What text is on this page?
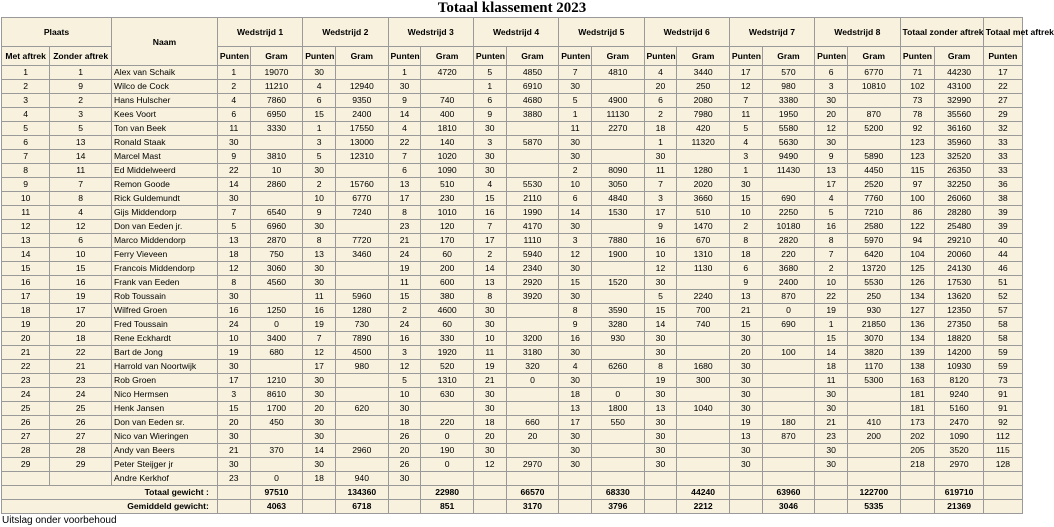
Totaal klassement 2023
Plaats		Naam	Wedstrijd 1		Wedstrijd 2		Wedstrijd 3		Wedstrijd 4		Wedstrijd 5		Wedstrijd 6		Wedstrijd 7		Wedstrijd 8		Totaal zonder aftrek		Totaal met aftrek
Met aftrek	Zonder aftrek																				
			Punten	Gram	Punten	Gram	Punten	Gram	Punten	Gram	Punten	Gram	Punten	Gram	Punten	Gram	Punten	Gram	Punten	Gram	Punten
1	1	Alex van Schaik	1	19070	30		1	4720	5	4850	7	4810	4	3440	17	570	6	6770	71	44230	17
2	9	Wilco de Cock	2	11210	4	12940	30		1	6910	30		20	250	12	980	3	10810	102	43100	22
3	2	Hans Hulscher	4	7860	6	9350	9	740	6	4680	5	4900	6	2080	7	3380	30		73	32990	27
4	3	Kees Voort	6	6950	15	2400	14	400	9	3880	1	11130	2	7980	11	1950	20	870	78	35560	29
5	5	Ton van Beek	11	3330	1	17550	4	1810	30		11	2270	18	420	5	5580	12	5200	92	36160	32
6	13	Ronald Staak	30		3	13000	22	140	3	5870	30		1	11320	4	5630	30		123	35960	33
7	14	Marcel Mast	9	3810	5	12310	7	1020	30		30		30		3	9490	9	5890	123	32520	33
8	11	Ed Middelweerd	22	10	30		6	1090	30		2	8090	11	1280	1	11430	13	4450	115	26350	33
9	7	Remon Goode	14	2860	2	15760	13	510	4	5530	10	3050	7	2020	30		17	2520	97	32250	36
10	8	Rick Guldemundt	30		10	6770	17	230	15	2110	6	4840	3	3660	15	690	4	7760	100	26060	38
11	4	Gijs Middendorp	7	6540	9	7240	8	1010	16	1990	14	1530	17	510	10	2250	5	7210	86	28280	39
12	12	Don van Eeden jr.	5	6960	30		23	120	7	4170	30		9	1470	2	10180	16	2580	122	25480	39
13	6	Marco Middendorp	13	2870	8	7720	21	170	17	1110	3	7880	16	670	8	2820	8	5970	94	29210	40
14	10	Ferry Vieveen	18	750	13	3460	24	60	2	5940	12	1900	10	1310	18	220	7	6420	104	20060	44
15	15	Francois Middendorp	12	3060	30		19	200	14	2340	30		12	1130	6	3680	2	13720	125	24130	46
16	16	Frank van Eeden	8	4560	30		11	600	13	2920	15	1520	30		9	2400	10	5530	126	17530	51
17	19	Rob Toussain	30		11	5960	15	380	8	3920	30		5	2240	13	870	22	250	134	13620	52
18	17	Wilfred Groen	16	1250	16	1280	2	4600	30		8	3590	15	700	21	0	19	930	127	12350	57
19	20	Fred Toussain	24	0	19	730	24	60	30		9	3280	14	740	15	690	1	21850	136	27350	58
20	18	Rene Eckhardt	10	3400	7	7890	16	330	10	3200	16	930	30		30		15	3070	134	18820	58
21	22	Bart de Jong	19	680	12	4500	3	1920	11	3180	30		30		20	100	14	3820	139	14200	59
22	21	Harrold van Noortwijk	30		17	980	12	520	19	320	4	6260	8	1680	30		18	1170	138	10930	59
23	23	Rob Groen	17	1210	30		5	1310	21	0	30		19	300	30		11	5300	163	8120	73
24	24	Nico Hermsen	3	8610	30		10	630	30		18	0	30		30		30		181	9240	91
25	25	Henk Jansen	15	1700	20	620	30		30		13	1800	13	1040	30		30		181	5160	91
26	26	Don van Eeden sr.	20	450	30		18	220	18	660	17	550	30		19	180	21	410	173	2470	92
27	27	Nico van Wieringen	30		30		26	0	20	20	30		30		13	870	23	200	202	1090	112
28	28	Andy van Beers	21	370	14	2960	20	190	30		30		30		30		30		205	3520	115
29	29	Peter Steijger jr	30		30		26	0	12	2970	30		30		30		30		218	2970	128
		Andre Kerkhof	23	0	18	940	30														
Totaal gewicht :				97510		134360		22980		66570		68330		44240		63960		122700		619710	
Gemiddeld gewicht:				4063		6718		851		3170		3796		2212		3046		5335		21369	
Uitslag onder voorbehoud
